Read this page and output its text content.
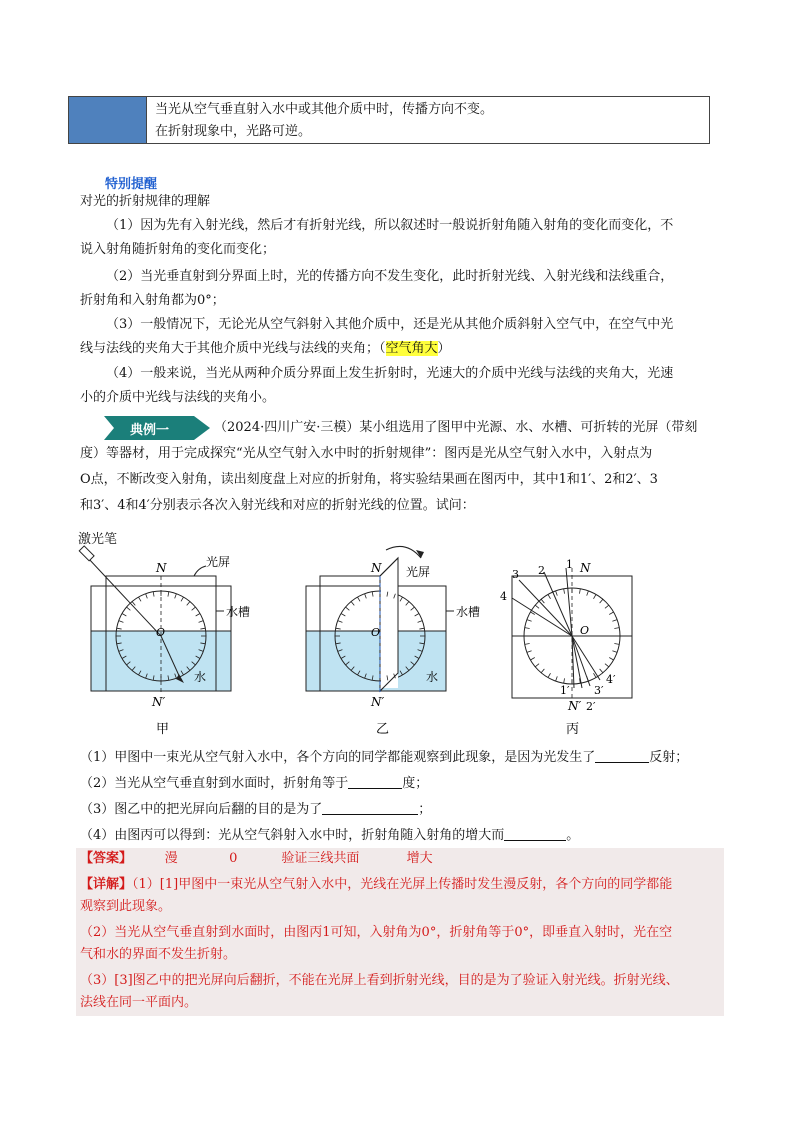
当光从空气垂直射入水中或其他介质中时，传播方向不变。
在折射现象中，光路可逆。
特别提醒
对光的折射规律的理解
（1）因为先有入射光线，然后才有折射光线，所以叙述时一般说折射角随入射角的变化而变化，不
说入射角随折射角的变化而变化；
（2）当光垂直射到分界面上时，光的传播方向不发生变化，此时折射光线、入射光线和法线重合，
折射角和入射角都为0°；
（3）一般情况下，无论光从空气斜射入其他介质中，还是光从其他介质斜射入空气中，在空气中光
线与法线的夹角大于其他介质中光线与法线的夹角；（空气角大）
（4）一般来说，当光从两种介质分界面上发生折射时，光速大的介质中光线与法线的夹角大，光速
小的介质中光线与法线的夹角小。
典例一	（2024·四川广安·三模）某小组选用了图甲中光源、水、水槽、可折转的光屏（带刻
度）等器材，用于完成探究“光从空气射入水中时的折射规律”：图丙是光从空气射入水中，入射点为
O点，不断改变入射角，读出刻度盘上对应的折射角，将实验结果画在图丙中，其中1和1′、2和2′、3
和3′、4和4′分别表示各次入射光线和对应的折射光线的位置。试问：
激光笔
N	光屏
水槽
O
水
N′
甲
N 光屏
水槽
O
水
N′
乙
1
2
3
4
N
O
1′
2′
3′
4′
N′
丙
（1）甲图中一束光从空气射入水中，各个方向的同学都能观察到此现象，是因为光发生了	反射；
（2）当光从空气垂直射到水面时，折射角等于	度；
（3）图乙中的把光屏向后翻的目的是为了	；
（4）由图丙可以得到：光从空气斜射入水中时，折射角随入射角的增大而	。
【答案】	漫	0	验证三线共面	增大
【详解】（1）[1]甲图中一束光从空气射入水中，光线在光屏上传播时发生漫反射，各个方向的同学都能
观察到此现象。
（2）当光从空气垂直射到水面时，由图丙1可知，入射角为0°，折射角等于0°，即垂直入射时，光在空
气和水的界面不发生折射。
（3）[3]图乙中的把光屏向后翻折，不能在光屏上看到折射光线，目的是为了验证入射光线。折射光线、
法线在同一平面内。
